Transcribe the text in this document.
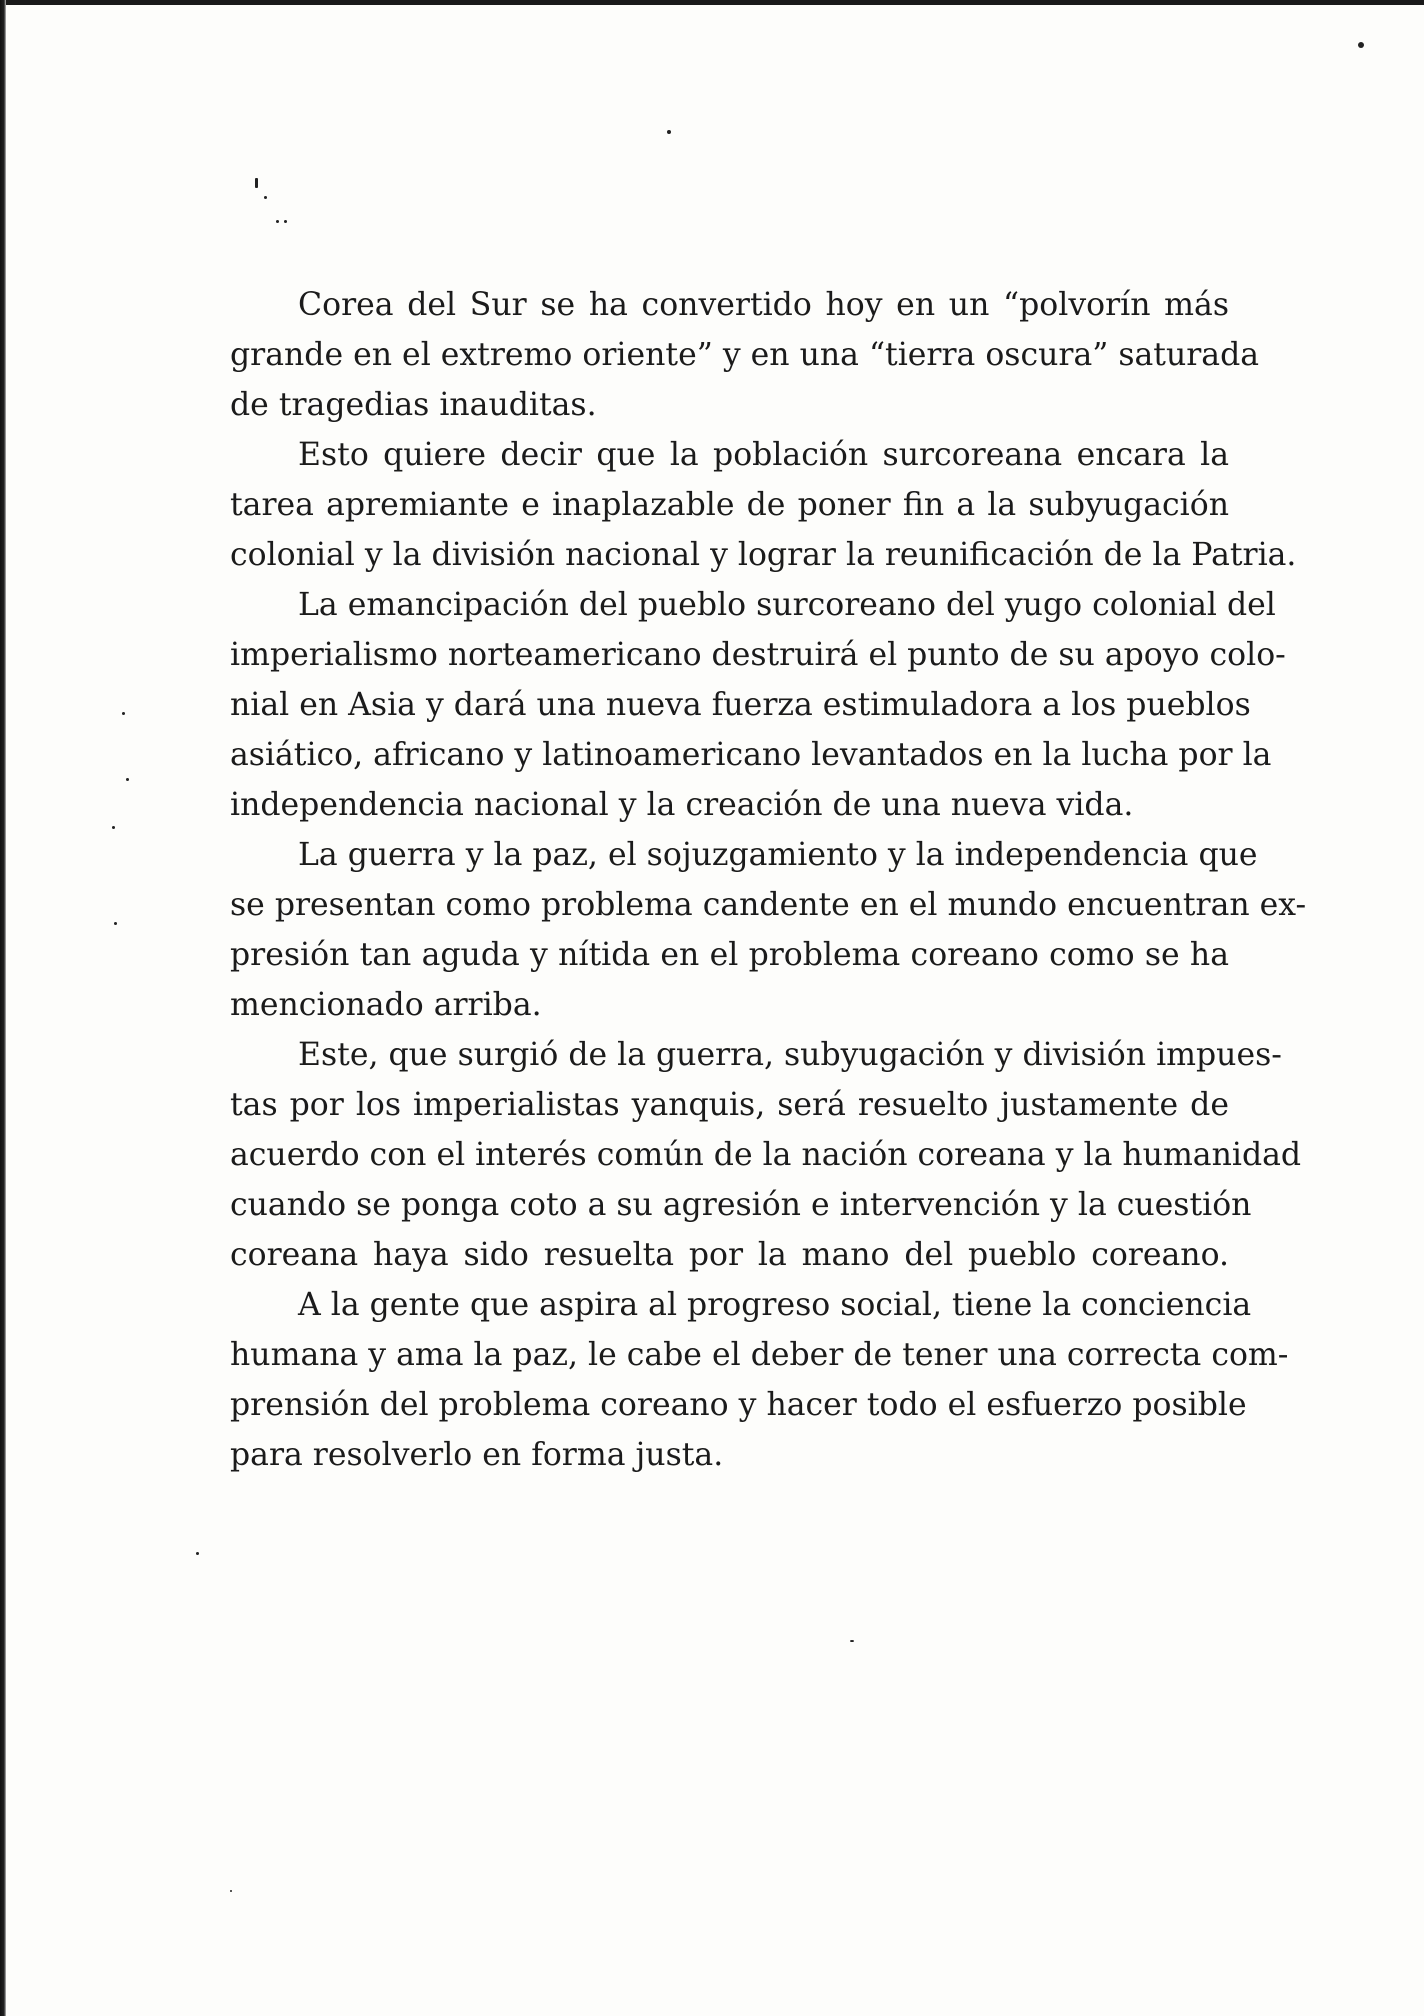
Corea del Sur se ha convertido hoy en un “polvorín más
grande en el extremo oriente” y en una “tierra oscura” saturada
de tragedias inauditas.

Esto quiere decir que la población surcoreana encara la
tarea apremiante e inaplazable de poner fin a la subyugación
colonial y la división nacional y lograr la reunificación de la Patria.

La emancipación del pueblo surcoreano del yugo colonial del
imperialismo norteamericano destruirá el punto de su apoyo colo-
nial en Asia y dará una nueva fuerza estimuladora a los pueblos
asiático, africano y latinoamericano levantados en la lucha por la
independencia nacional y la creación de una nueva vida.

La guerra y la paz, el sojuzgamiento y la independencia que
se presentan como problema candente en el mundo encuentran ex-
presión tan aguda y nítida en el problema coreano como se ha
mencionado arriba.

Este, que surgió de la guerra, subyugación y división impues-
tas por los imperialistas yanquis, será resuelto justamente de
acuerdo con el interés común de la nación coreana y la humanidad
cuando se ponga coto a su agresión e intervención y la cuestión
coreana haya sido resuelta por la mano del pueblo coreano.

A la gente que aspira al progreso social, tiene la conciencia
humana y ama la paz, le cabe el deber de tener una correcta com-
prensión del problema coreano y hacer todo el esfuerzo posible
para resolverlo en forma justa.
